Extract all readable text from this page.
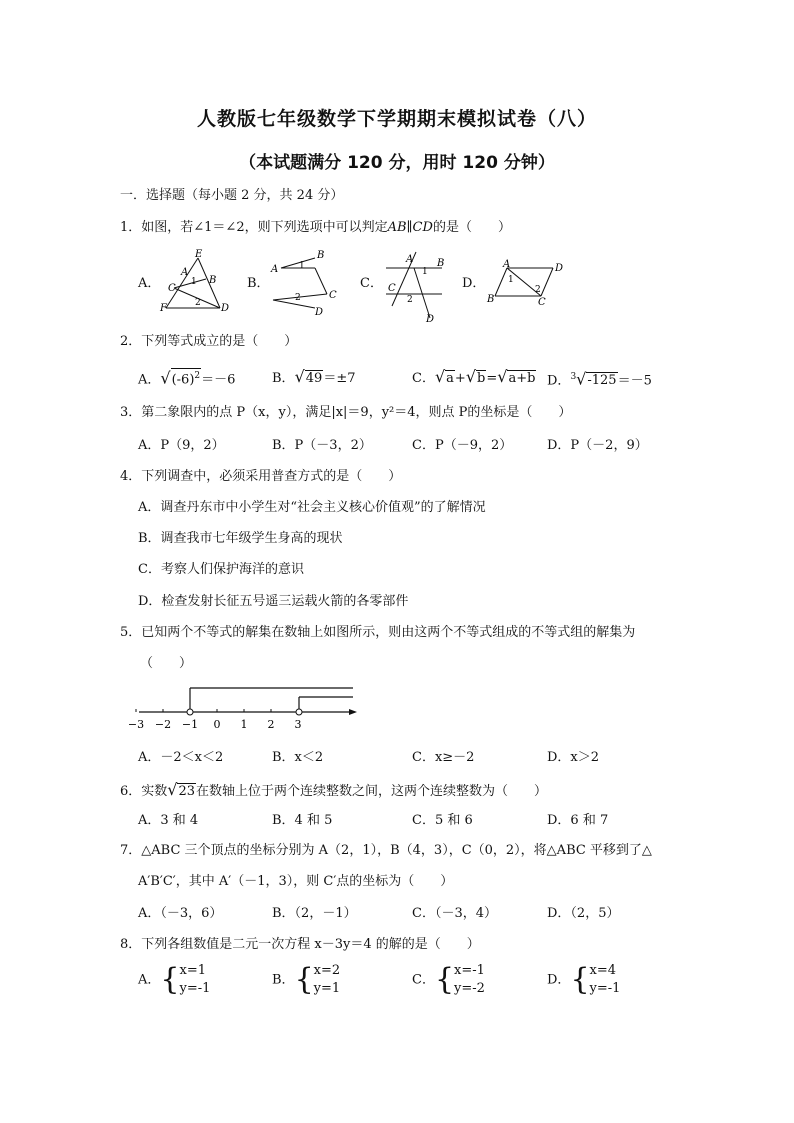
人教版七年级数学下学期期末模拟试卷（八）
（本试题满分 120 分，用时 120 分钟）
一．选择题（每小题 2 分，共 24 分）
1．如图，若∠1＝∠2，则下列选项中可以判定AB∥CD的是（　　）
A．
E
A
1 B
C
2
F	D
B．
B
A 1
2
D
C
C．
A
1
B
C
2
D
D．
A	D
1
2
B	C
2．下列等式成立的是（　　）
A．$√(-6)^2=-6$	B．√49＝±7	C．√a+√b=√a+b D．$^3$√-125＝－5
3．第二象限内的点 P（x，y），满足|x|＝9，y²＝4，则点 P的坐标是（　　）
A．P（9，2）	B．P（－3，2）	C．P（－9，2）	D．P（－2，9）
4．下列调查中，必须采用普查方式的是（　　）
A．调查丹东市中小学生对“社会主义核心价值观”的了解情况
B．调查我市七年级学生身高的现状
C．考察人们保护海洋的意识
D．检查发射长征五号遥三运载火箭的各零部件
5．已知两个不等式的解集在数轴上如图所示，则由这两个不等式组成的不等式组的解集为
（　　）
−3 −2 −1 0 1 2 3
A．－2＜x＜2	B．x＜2	C．x≥－2	D．x＞2
6．实数√23在数轴上位于两个连续整数之间，这两个连续整数为（　　）
A．3 和 4	B．4 和 5	C．5 和 6	D．6 和 7
7．△ABC 三个顶点的坐标分别为 A（2，1），B（4，3），C（0，2），将△ABC 平移到了△
A′B′C′，其中 A′（－1，3），则 C′点的坐标为（　　）
A．（－3，6）	B．（2，－1）	C．（－3，4）	D．（2，5）
8．下列各组数值是二元一次方程 x－3y＝4 的解的是（　　）
A．{x=1
y=-1
B．{x=2
y=1
C．{x=-1
y=-2
D．{x=4
y=-1
